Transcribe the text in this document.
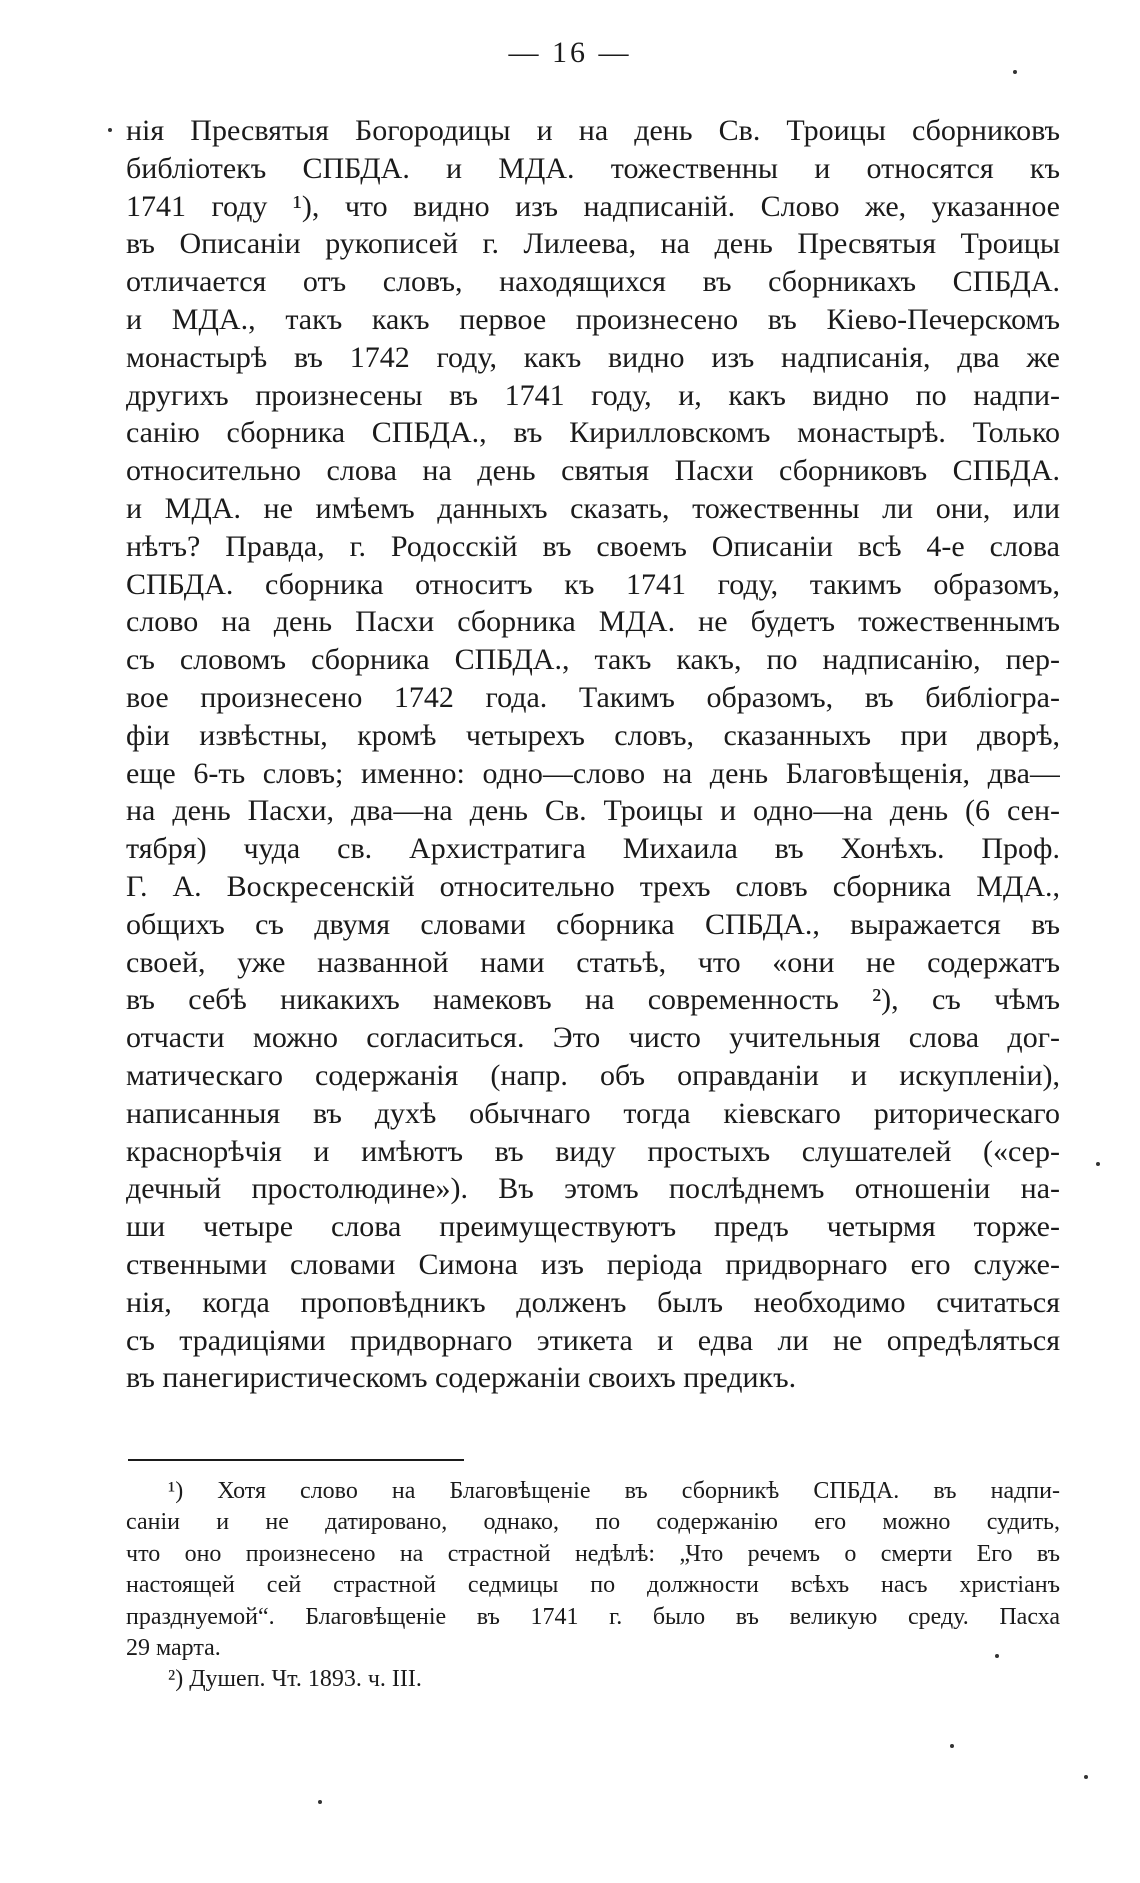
— 16 —
нія Пресвятыя Богородицы и на день Св. Троицы сборниковъ
библіотекъ СПБДА. и МДА. тожественны и относятся къ
1741 году ¹), что видно изъ надписаній. Слово же, указанное
въ Описаніи рукописей г. Лилеева, на день Пресвятыя Троицы
отличается отъ словъ, находящихся въ сборникахъ СПБДА.
и МДА., такъ какъ первое произнесено въ Кіево-Печерскомъ
монастырѣ въ 1742 году, какъ видно изъ надписанія, два же
другихъ произнесены въ 1741 году, и, какъ видно по надпи-
санію сборника СПБДА., въ Кирилловскомъ монастырѣ. Только
относительно слова на день святыя Пасхи сборниковъ СПБДА.
и МДА. не имѣемъ данныхъ сказать, тожественны ли они, или
нѣтъ? Правда, г. Родосскій въ своемъ Описаніи всѣ 4-е слова
СПБДА. сборника относитъ къ 1741 году, такимъ образомъ,
слово на день Пасхи сборника МДА. не будетъ тожественнымъ
съ словомъ сборника СПБДА., такъ какъ, по надписанію, пер-
вое произнесено 1742 года. Такимъ образомъ, въ библіогра-
фіи извѣстны, кромѣ четырехъ словъ, сказанныхъ при дворѣ,
еще 6-ть словъ; именно: одно—слово на день Благовѣщенія, два—
на день Пасхи, два—на день Св. Троицы и одно—на день (6 сен-
тября) чуда св. Архистратига Михаила въ Хонѣхъ. Проф.
Г. А. Воскресенскій относительно трехъ словъ сборника МДА.,
общихъ съ двумя словами сборника СПБДА., выражается въ
своей, уже названной нами статьѣ, что «они не содержатъ
въ себѣ никакихъ намековъ на современность ²), съ чѣмъ
отчасти можно согласиться. Это чисто учительныя слова дог-
матическаго содержанія (напр. объ оправданіи и искупленіи),
написанныя въ духѣ обычнаго тогда кіевскаго риторическаго
краснорѣчія и имѣютъ въ виду простыхъ слушателей («сер-
дечный простолюдине»). Въ этомъ послѣднемъ отношеніи на-
ши четыре слова преимуществуютъ предъ четырмя торже-
ственными словами Симона изъ періода придворнаго его служе-
нія, когда проповѣдникъ долженъ былъ необходимо считаться
съ традиціями придворнаго этикета и едва ли не опредѣляться
въ панегиристическомъ содержаніи своихъ предикъ.
¹) Хотя слово на Благовѣщеніе въ сборникѣ СПБДА. въ надпи-
саніи и не датировано, однако, по содержанію его можно судить,
что оно произнесено на страстной недѣлѣ: „Что речемъ о смерти Его въ
настоящей сей страстной седмицы по должности всѣхъ насъ христіанъ
празднуемой“. Благовѣщеніе въ 1741 г. было въ великую среду. Пасха
29 марта.
²) Душеп. Чт. 1893. ч. III.
